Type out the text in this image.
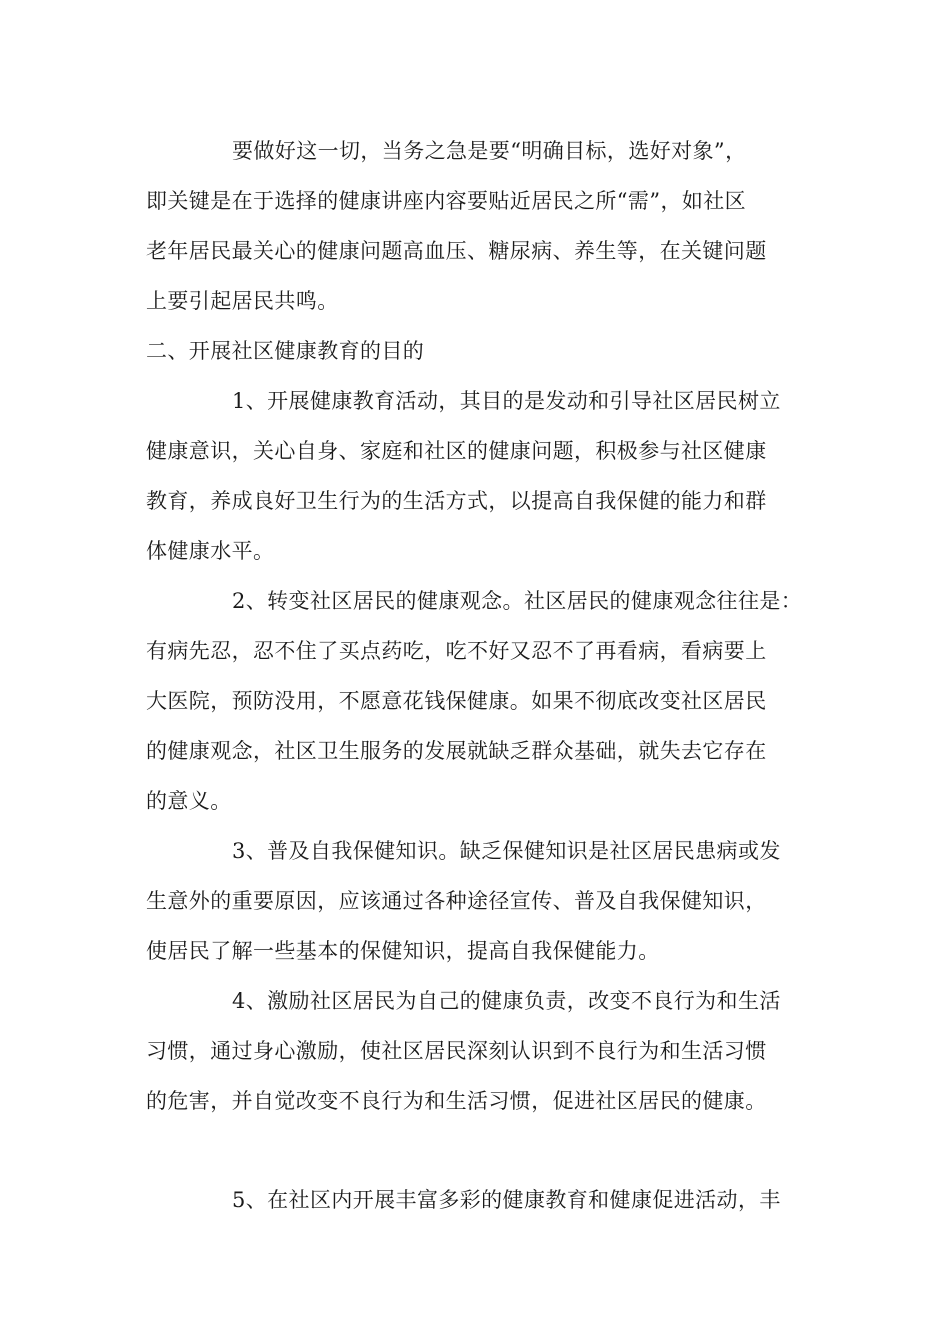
要做好这一切，当务之急是要“明确目标，选好对象”，
即关键是在于选择的健康讲座内容要贴近居民之所“需”，如社区
老年居民最关心的健康问题高血压、糖尿病、养生等，在关键问题
上要引起居民共鸣。
二、开展社区健康教育的目的
1、开展健康教育活动，其目的是发动和引导社区居民树立
健康意识，关心自身、家庭和社区的健康问题，积极参与社区健康
教育，养成良好卫生行为的生活方式，以提高自我保健的能力和群
体健康水平。
2、转变社区居民的健康观念。社区居民的健康观念往往是：
有病先忍，忍不住了买点药吃，吃不好又忍不了再看病，看病要上
大医院，预防没用，不愿意花钱保健康。如果不彻底改变社区居民
的健康观念，社区卫生服务的发展就缺乏群众基础，就失去它存在
的意义。
3、普及自我保健知识。缺乏保健知识是社区居民患病或发
生意外的重要原因，应该通过各种途径宣传、普及自我保健知识，
使居民了解一些基本的保健知识，提高自我保健能力。
4、激励社区居民为自己的健康负责，改变不良行为和生活
习惯，通过身心激励，使社区居民深刻认识到不良行为和生活习惯
的危害，并自觉改变不良行为和生活习惯，促进社区居民的健康。
5、在社区内开展丰富多彩的健康教育和健康促进活动，丰
